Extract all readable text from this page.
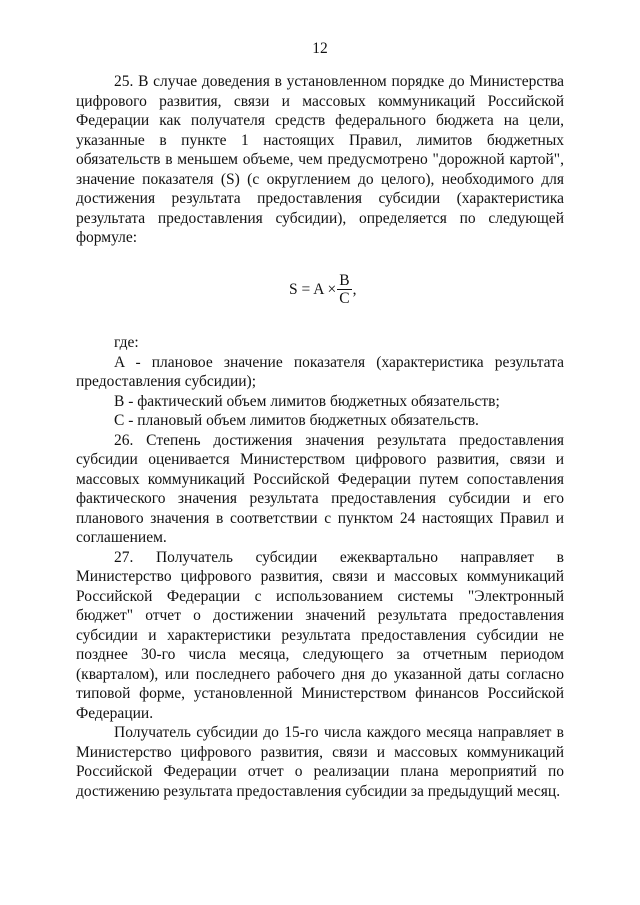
12

25. В случае доведения в установленном порядке до Министерства цифрового развития, связи и массовых коммуникаций Российской Федерации как получателя средств федерального бюджета на цели, указанные в пункте 1 настоящих Правил, лимитов бюджетных обязательств в меньшем объеме, чем предусмотрено "дорожной картой", значение показателя (S) (с округлением до целого), необходимого для достижения результата предоставления субсидии (характеристика результата предоставления субсидии), определяется по следующей формуле:

$S = A \times \frac{B}{C}$ ,

где:

A - плановое значение показателя (характеристика результата предоставления субсидии);

B - фактический объем лимитов бюджетных обязательств;

C - плановый объем лимитов бюджетных обязательств.

26. Степень достижения значения результата предоставления субсидии оценивается Министерством цифрового развития, связи и массовых коммуникаций Российской Федерации путем сопоставления фактического значения результата предоставления субсидии и его планового значения в соответствии с пунктом 24 настоящих Правил и соглашением.

27. Получатель субсидии ежеквартально направляет в Министерство цифрового развития, связи и массовых коммуникаций Российской Федерации с использованием системы "Электронный бюджет" отчет о достижении значений результата предоставления субсидии и характеристики результата предоставления субсидии не позднее 30-го числа месяца, следующего за отчетным периодом (кварталом), или последнего рабочего дня до указанной даты согласно типовой форме, установленной Министерством финансов Российской Федерации.

Получатель субсидии до 15-го числа каждого месяца направляет в Министерство цифрового развития, связи и массовых коммуникаций Российской Федерации отчет о реализации плана мероприятий по достижению результата предоставления субсидии за предыдущий месяц.
